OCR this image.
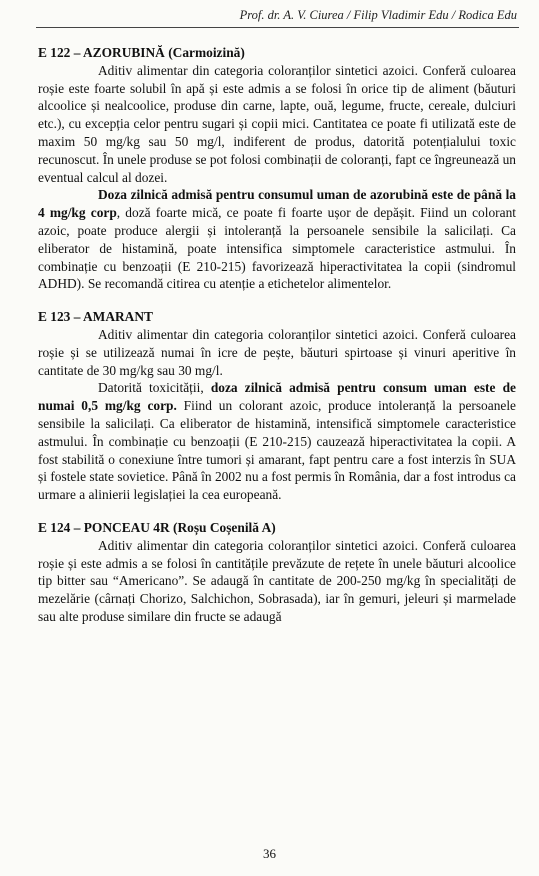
Prof. dr. A. V. Ciurea / Filip Vladimir Edu / Rodica Edu

E 122 – AZORUBINĂ (Carmoizină)

Aditiv alimentar din categoria coloranților sintetici azoici. Conferă culoarea roșie este foarte solubil în apă și este admis a se folosi în orice tip de aliment (băuturi alcoolice și nealcoolice, produse din carne, lapte, ouă, legume, fructe, cereale, dulciuri etc.), cu excepția celor pentru sugari și copii mici. Cantitatea ce poate fi utilizată este de maxim 50 mg/kg sau 50 mg/l, indiferent de produs, datorită potențialului toxic recunoscut. În unele produse se pot folosi combinații de coloranți, fapt ce îngreunează un eventual calcul al dozei.

Doza zilnică admisă pentru consumul uman de azorubină este de până la 4 mg/kg corp, doză foarte mică, ce poate fi foarte ușor de depășit. Fiind un colorant azoic, poate produce alergii și intoleranță la persoanele sensibile la salicilați. Ca eliberator de histamină, poate intensifica simptomele caracteristice astmului. În combinație cu benzoații (E 210-215) favorizează hiperactivitatea la copii (sindromul ADHD). Se recomandă citirea cu atenție a etichetelor alimentelor.

E 123 – AMARANT

Aditiv alimentar din categoria coloranților sintetici azoici. Conferă culoarea roșie și se utilizează numai în icre de pește, băuturi spirtoase și vinuri aperitive în cantitate de 30 mg/kg sau 30 mg/l.

Datorită toxicității, doza zilnică admisă pentru consum uman este de numai 0,5 mg/kg corp. Fiind un colorant azoic, produce intoleranță la persoanele sensibile la salicilați. Ca eliberator de histamină, intensifică simptomele caracteristice astmului. În combinație cu benzoații (E 210-215) cauzează hiperactivitatea la copii. A fost stabilită o conexiune între tumori și amarant, fapt pentru care a fost interzis în SUA și fostele state sovietice. Până în 2002 nu a fost permis în România, dar a fost introdus ca urmare a alinierii legislației la cea europeană.

E 124 – PONCEAU 4R (Roșu Coșenilă A)

Aditiv alimentar din categoria coloranților sintetici azoici. Conferă culoarea roșie și este admis a se folosi în cantitățile prevăzute de rețete în unele băuturi alcoolice tip bitter sau “Americano”. Se adaugă în cantitate de 200-250 mg/kg în specialități de mezelărie (cârnați Chorizo, Salchichon, Sobrasada), iar în gemuri, jeleuri și marmelade sau alte produse similare din fructe se adaugă

36
